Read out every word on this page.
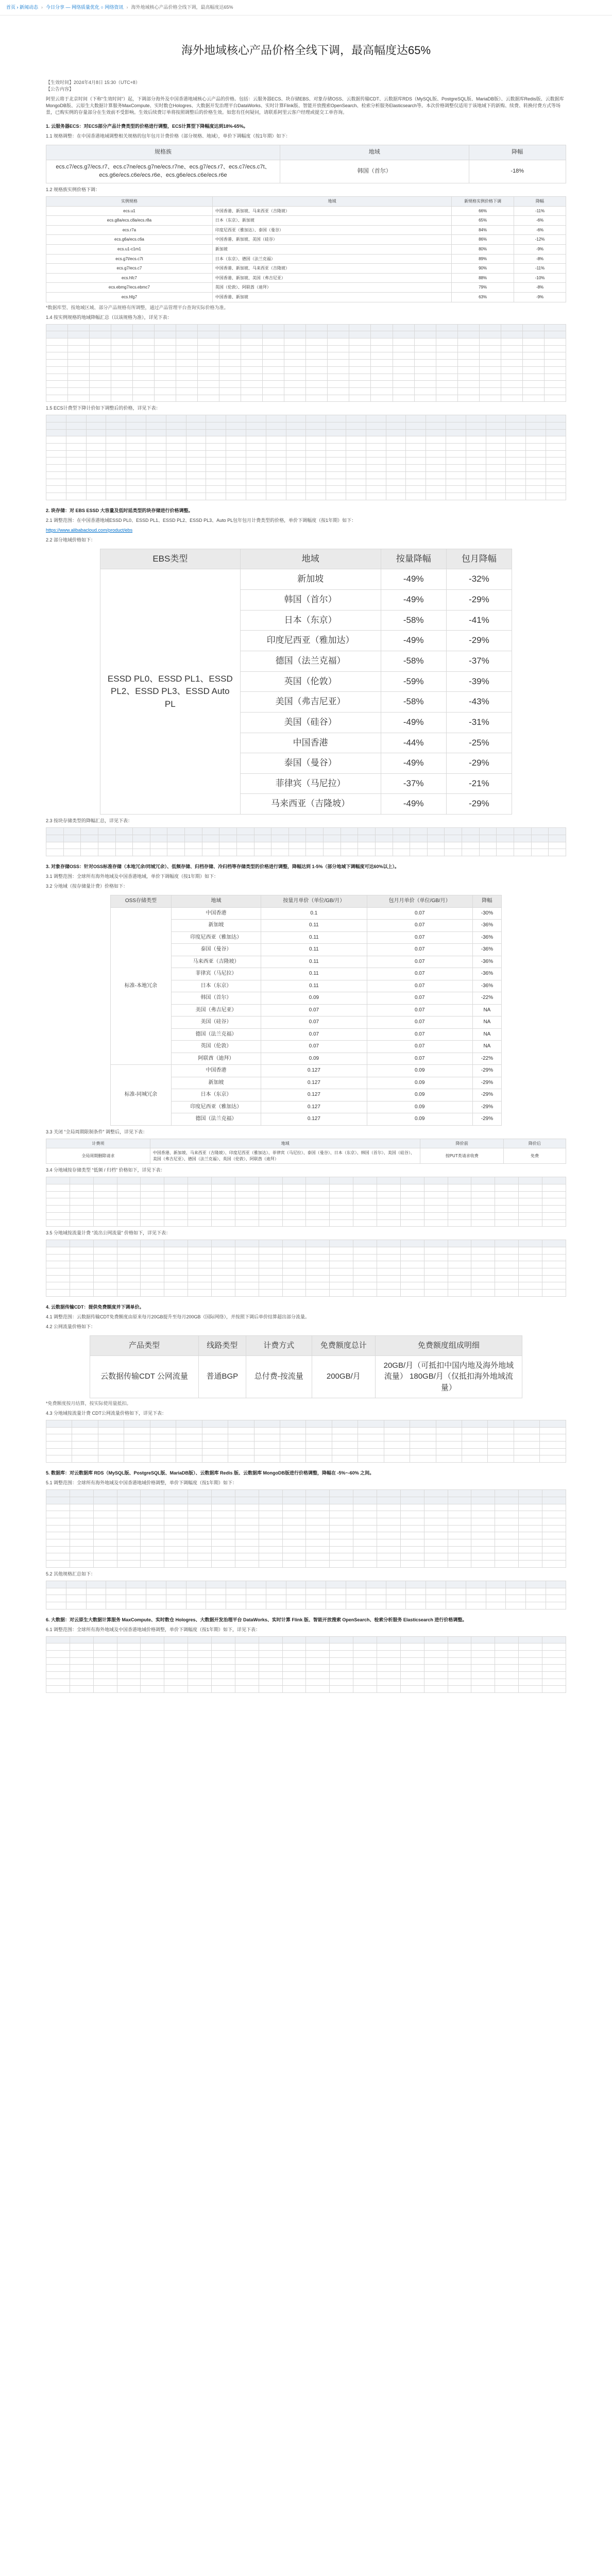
首页 › 新闻动态 › 今日分享 — 网络质量优化 ○ 网络资讯 › 海外地域核心产品价格全线下调，最高幅度达65%
海外地域核心产品价格全线下调，最高幅度达65%
【生效时间】2024年4月8日 15:30（UTC+8）
【公告内容】
阿里云将于北京时间（下称“生效时间”）起，下调部分海外及中国香港地域核心云产品的价格。包括：云服务器ECS、块存储EBS、对象存储OSS、云数据传输CDT、云数据库RDS（MySQL版、PostgreSQL版、MariaDB版）、云数据库Redis版、云数据库MongoDB版、云原生大数据计算服务MaxCompute、实时数仓Hologres、大数据开发治理平台DataWorks、实时计算Flink版、智能开放搜索OpenSearch、检索分析服务Elasticsearch等。本次价格调整仅适用于该地域下的新购、续费、转换付费方式等场景，已购实例的存量部分在生效前不受影响。生效后续费订单将按照调整后的价格生效。如您有任何疑问，请联系阿里云客户经理或提交工单咨询。
1. 云服务器ECS：对ECS部分产品计费类型的价格进行调整，ECS计算型下降幅度达到18%-65%。
1.1 规格调整：在中国香港地域调整相关规格的包年包月计费价格（部分规格、地域），单价下调幅度（按1年期）如下：
规格族	地域	降幅
ecs.c7/ecs.g7/ecs.r7、ecs.c7ne/ecs.g7ne/ecs.r7ne、ecs.g7/ecs.r7、ecs.c7/ecs.c7t、ecs.g6e/ecs.c6e/ecs.r6e、ecs.g6e/ecs.c6e/ecs.r6e	韩国（首尔）	-18%
1.2 规格族实例价格下调：
实例规格	地域	新规格实例价格下调	降幅
ecs.u1	中国香港、新加坡、马来西亚（吉隆坡）	66%	-11%
ecs.g8a/ecs.c8a/ecs.r8a	日本（东京）、新加坡	65%	-6%
ecs.r7a	印度尼西亚（雅加达）、泰国（曼谷）	84%	-6%
ecs.g6a/ecs.c6a	中国香港、新加坡、美国（硅谷）	86%	-12%
ecs.u1-c1m1	新加坡	80%	-9%
ecs.g7t/ecs.c7t	日本（东京）、德国（法兰克福）	89%	-8%
ecs.g7/ecs.c7	中国香港、新加坡、马来西亚（吉隆坡）	90%	-11%
ecs.hfc7	中国香港、新加坡、美国（弗吉尼亚）	88%	-10%
ecs.ebmg7/ecs.ebmc7	英国（伦敦）、阿联酋（迪拜）	79%	-8%
ecs.hfg7	中国香港、新加坡	63%	-9%
*数据库型、按地域区域、部分产品规格有所调整，通过产品管理平台查询实际价格为准。
1.4 按实例规格的地域降幅汇总（以该规格为准），详见下表：

1.5 ECS计费型下降计价如下调整后的价格，详见下表：

2. 块存储：对 EBS ESSD 大容量及低时延类型的块存储进行价格调整。
2.1 调整范围：在中国香港地域ESSD PL0、ESSD PL1、ESSD PL2、ESSD PL3、Auto PL包年包月计费类型的价格，单价下调幅度（按1年期）如下：
https://www.alibabacloud.com/product/ebs
2.2 部分地域价格如下：
EBS类型	地域	按量降幅	包月降幅
ESSD PL0、ESSD PL1、ESSD PL2、ESSD PL3、ESSD Auto PL	新加坡	-49%	-32%
	韩国（首尔）	-49%	-29%
	日本（东京）	-58%	-41%
	印度尼西亚（雅加达）	-49%	-29%
	德国（法兰克福）	-58%	-37%
	英国（伦敦）	-59%	-39%
	美国（弗吉尼亚）	-58%	-43%
	美国（硅谷）	-49%	-31%
	中国香港	-44%	-25%
	泰国（曼谷）	-49%	-29%
	菲律宾（马尼拉）	-37%	-21%
	马来西亚（吉隆坡）	-49%	-29%
2.3 按块存储类型的降幅汇总，详见下表：

3. 对象存储OSS：针对OSS标准存储（本地冗余/同城冗余）、低频存储、归档存储、冷归档等存储类型的价格进行调整，降幅达到 1-5%（部分地域下调幅度可达60%以上）。
3.1 调整范围：全球所有海外地域及中国香港地域，单价下调幅度（按1年期）如下：
3.2 分地域（按存储量计费）价格如下：
OSS存储类型	地域	按量月单价（单位/GB/月）	包月月单价（单位/GB/月）	降幅
标准-本地冗余	中国香港	0.1	0.07	-30%
	新加坡	0.11	0.07	-36%
	印度尼西亚（雅加达）	0.11	0.07	-36%
	泰国（曼谷）	0.11	0.07	-36%
	马来西亚（吉隆坡）	0.11	0.07	-36%
	菲律宾（马尼拉）	0.11	0.07	-36%
	日本（东京）	0.11	0.07	-36%
	韩国（首尔）	0.09	0.07	-22%
	美国（弗吉尼亚）	0.07	0.07	NA
	美国（硅谷）	0.07	0.07	NA
	德国（法兰克福）	0.07	0.07	NA
	英国（伦敦）	0.07	0.07	NA
	阿联酋（迪拜）	0.09	0.07	-22%
标准-同城冗余	中国香港	0.127	0.09	-29%
	新加坡	0.127	0.09	-29%
	日本（东京）	0.127	0.09	-29%
	印度尼西亚（雅加达）	0.127	0.09	-29%
	德国（法兰克福）	0.127	0.09	-29%
3.3 关闭 “全局周期限制条件” 调整后，详见下表：
计费项	地域	降价前	降价后
全局周期删除请求	中国香港、新加坡、马来西亚（吉隆坡）、印度尼西亚（雅加达）、菲律宾（马尼拉）、泰国（曼谷）、日本（东京）、韩国（首尔）、美国（硅谷）、美国（弗吉尼亚）、德国（法兰克福）、英国（伦敦）、阿联酋（迪拜）	按PUT类请求收费	免费
3.4 分地域按存储类型 “低频 / 归档” 价格如下，详见下表：

3.5 分地域按流量计费 “流出公网流量” 价格如下，详见下表：

4. 云数据传输CDT：提供免费额度并下调单价。
4.1 调整范围：云数据传输CDT免费额度由原来每月20GB提升至每月200GB（国际网络），并按照下调后单价结算超出部分流量。
4.2 公网流量价格如下：
产品类型	线路类型	计费方式	免费额度总计	免费额度组成明细
云数据传输CDT 公网流量	普通BGP	总付费-按流量	200GB/月	20GB/月（可抵扣中国内地及海外地域流量） 180GB/月（仅抵扣海外地域流量）
*免费额度按月结算，按实际使用量抵扣。
4.3 分地域按流量计费 CDT公网流量价格如下，详见下表：

5. 数据库：对云数据库 RDS（MySQL版、PostgreSQL版、MariaDB版）、云数据库 Redis 版、云数据库 MongoDB版进行价格调整，降幅在 -5%~-60% 之间。
5.1 调整范围：全球所有海外地域及中国香港地域价格调整，单价下调幅度（按1年期）如下：

5.2 其他规格汇总如下：

6. 大数据：对云原生大数据计算服务 MaxCompute、实时数仓 Hologres、大数据开发治理平台 DataWorks、实时计算 Flink 版、智能开放搜索 OpenSearch、检索分析服务 Elasticsearch 进行价格调整。
6.1 调整范围：全球所有海外地域及中国香港地域价格调整，单价下调幅度（按1年期）如下，详见下表：
